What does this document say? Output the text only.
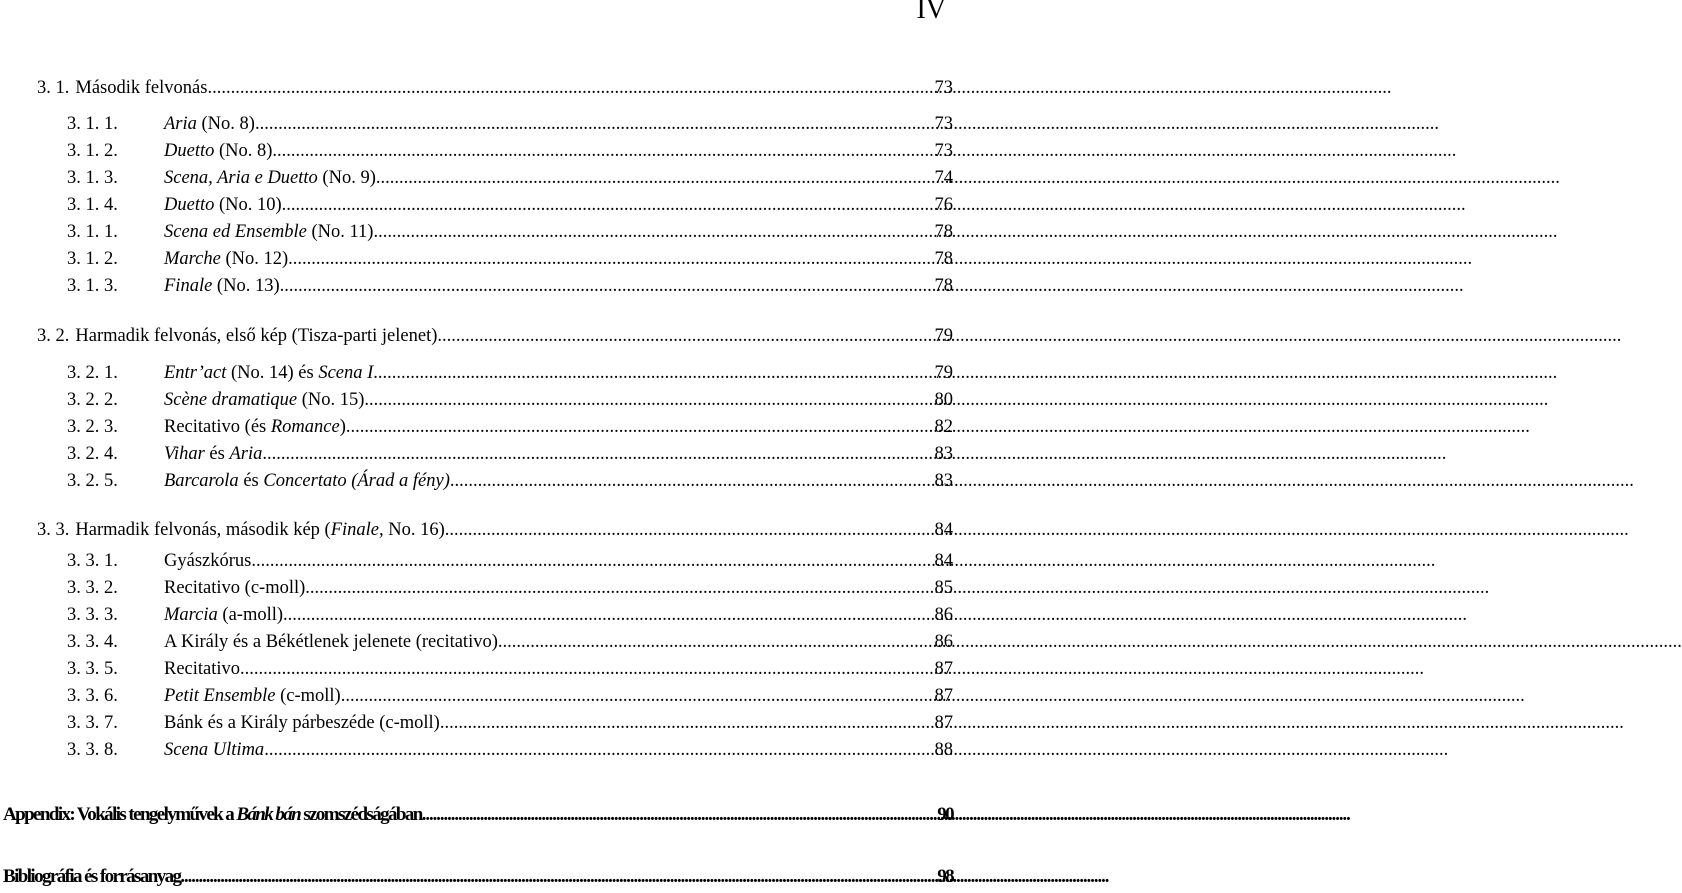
IV
3. 1. Második felvonás .....	73
3. 2. Harmadik felvonás, első kép (Tisza-parti jelenet) .....	79
3. 3. Harmadik felvonás, második kép (Finale, No. 16) .....	84
Appendix: Vokális tengelyművek a Bánk bán szomszédságában .....	90
Bibliográfia és forrásanyag .....	98
3. 1. 1.	Aria (No. 8) .....	73
3. 1. 2.	Duetto (No. 8) .....	73
3. 1. 3.	Scena, Aria e Duetto (No. 9) .....	74
3. 1. 4.	Duetto (No. 10) .....	76
3. 1. 1.	Scena ed Ensemble (No. 11) .....	78
3. 1. 2.	Marche (No. 12) .....	78
3. 1. 3.	Finale (No. 13) .....	78
3. 2. 1.	Entr’act (No. 14) és Scena I .....	79
3. 2. 2.	Scène dramatique (No. 15) .....	80
3. 2. 3.	Recitativo (és Romance) .....	82
3. 2. 4.	Vihar és Aria .....	83
3. 2. 5.	Barcarola és Concertato (Árad a fény) .....	83
3. 3. 1.	Gyászkórus .....	84
3. 3. 2.	Recitativo (c-moll) .....	85
3. 3. 3.	Marcia (a-moll) .....	86
3. 3. 4.	A Király és a Békétlenek jelenete (recitativo) .....	86
3. 3. 5.	Recitativo .....	87
3. 3. 6.	Petit Ensemble (c-moll) .....	87
3. 3. 7.	Bánk és a Király párbeszéde (c-moll) .....	87
3. 3. 8.	Scena Ultima .....	88
